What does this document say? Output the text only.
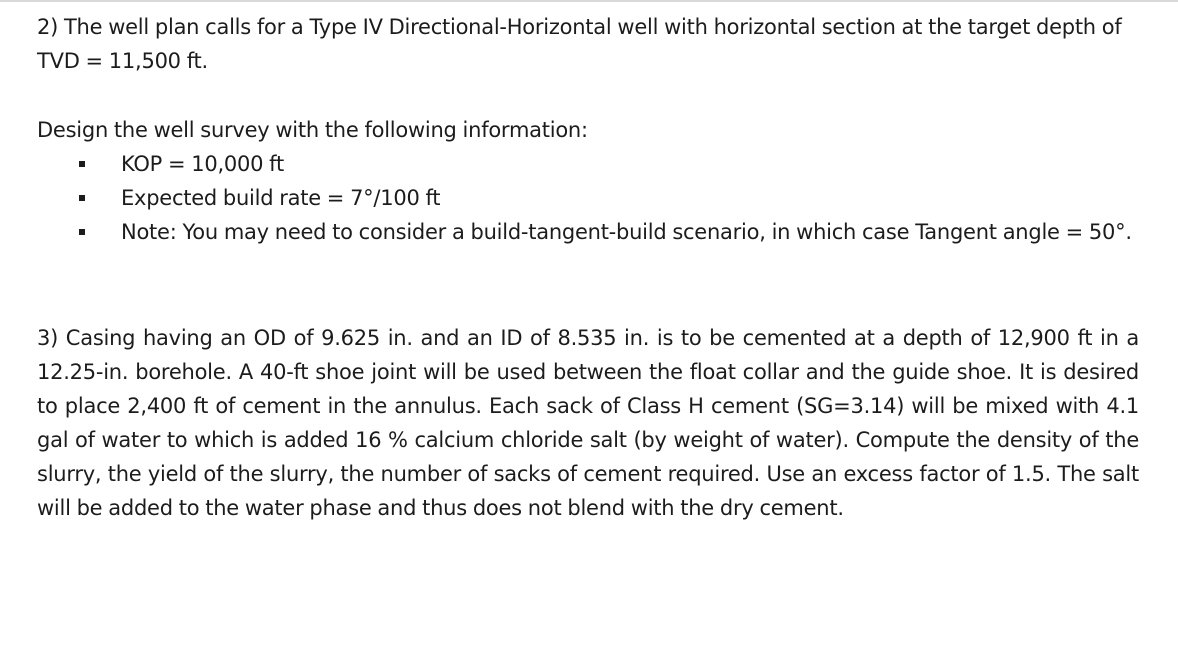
2) The well plan calls for a Type IV Directional-Horizontal well with horizontal section at the target depth of TVD = 11,500 ft.

Design the well survey with the following information:

KOP = 10,000 ft
Expected build rate = 7°/100 ft
Note: You may need to consider a build-tangent-build scenario, in which case Tangent angle = 50°.

3) Casing having an OD of 9.625 in. and an ID of 8.535 in. is to be cemented at a depth of 12,900 ft in a 12.25-in. borehole. A 40-ft shoe joint will be used between the float collar and the guide shoe. It is desired to place 2,400 ft of cement in the annulus. Each sack of Class H cement (SG=3.14) will be mixed with 4.1 gal of water to which is added 16 % calcium chloride salt (by weight of water). Compute the density of the slurry, the yield of the slurry, the number of sacks of cement required. Use an excess factor of 1.5. The salt will be added to the water phase and thus does not blend with the dry cement.
